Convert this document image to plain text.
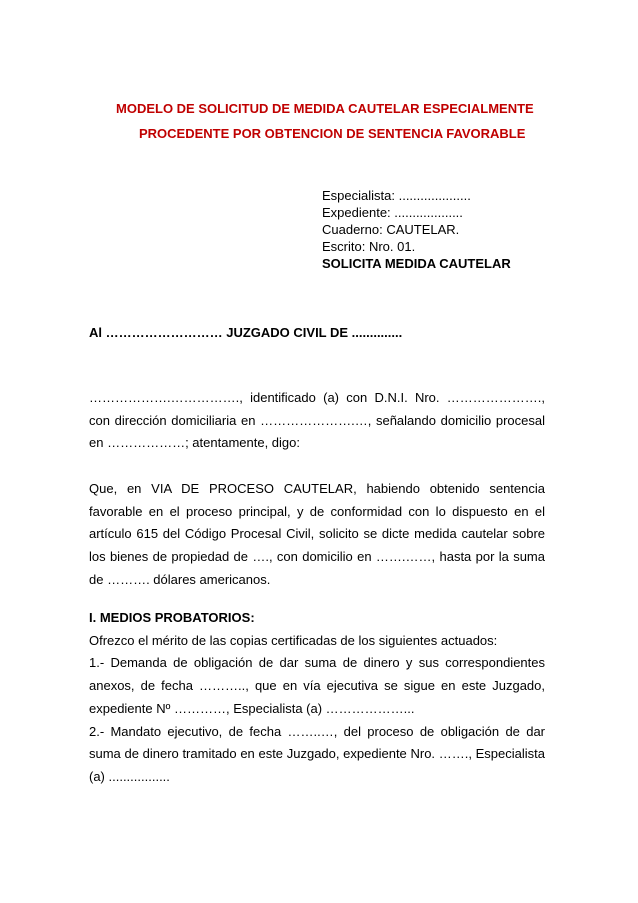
MODELO DE SOLICITUD DE MEDIDA CAUTELAR ESPECIALMENTE
PROCEDENTE POR OBTENCION DE SENTENCIA FAVORABLE
Especialista: ....................
Expediente: ...................
Cuaderno: CAUTELAR.
Escrito: Nro. 01.
SOLICITA MEDIDA CAUTELAR
Al ……………………… JUZGADO CIVIL DE ..............
……………….……………., identificado (a) con D.N.I. Nro. …………………., con dirección domiciliaria en ………………….…, señalando domicilio procesal en ………………; atentamente, digo:
Que, en VIA DE PROCESO CAUTELAR, habiendo obtenido sentencia favorable en el proceso principal, y de conformidad con lo dispuesto en el artículo 615 del Código Procesal Civil, solicito se dicte medida cautelar sobre los bienes de propiedad de …., con domicilio en …….……, hasta por la suma de ………. dólares americanos.
I. MEDIOS PROBATORIOS:
Ofrezco el mérito de las copias certificadas de los siguientes actuados:
1.- Demanda de obligación de dar suma de dinero y sus correspondientes anexos, de fecha ……….., que en vía ejecutiva se sigue en este Juzgado, expediente Nº …………, Especialista (a) ………………...
2.- Mandato ejecutivo, de fecha ……..…, del proceso de obligación de dar suma de dinero tramitado en este Juzgado, expediente Nro. ……., Especialista (a) .................
